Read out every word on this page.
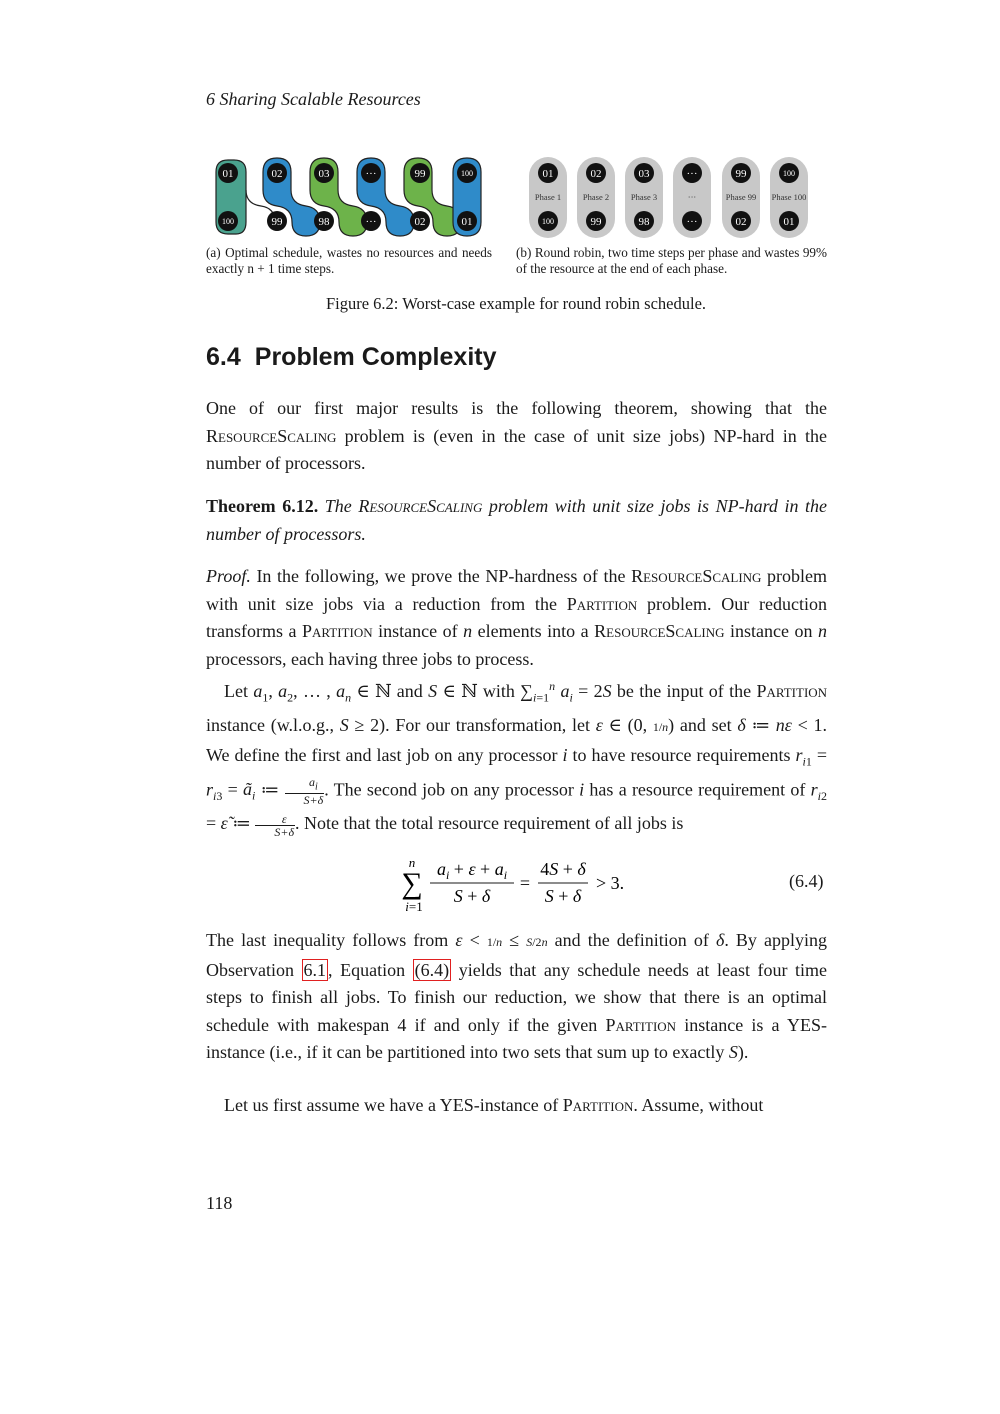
6 Sharing Scalable Resources
01	02	03	···	99	100
100	99	98	···	02	01
01	02	03	···	99	100
Phase 1	Phase 2	Phase 3	···	Phase 99 Phase 100
100	99	98	···	02	01
(a) Optimal schedule, wastes no resources and needs exactly n + 1 time steps.
(b) Round robin, two time steps per phase and wastes 99% of the resource at the end of each phase.
Figure 6.2: Worst-case example for round robin schedule.
6.4 Problem Complexity
One of our first major results is the following theorem, showing that the ResourceScaling problem is (even in the case of unit size jobs) NP-hard in the number of processors.
Theorem 6.12. The ResourceScaling problem with unit size jobs is NP-hard in the number of processors.
Proof. In the following, we prove the NP-hardness of the ResourceScaling problem with unit size jobs via a reduction from the Partition problem. Our reduction transforms a Partition instance of n elements into a ResourceScaling instance on n processors, each having three jobs to process.
Let $a_1$, $a_2$, … , $a_n$ ∈ ℕ and S ∈ ℕ with $\sum_{i=1}^n$ $a_i = 2S$ be the input of the Partition instance (w.l.o.g., S ≥ 2). For our transformation, let ε ∈ (0, 1/n) and set δ ≔ nε < 1. We define the first and last job on any processor i to have resource requirements $r_{i1} = r_{i3}$ = $ã_i$ ≔ $\frac{a_i}{S+\delta}$ . The second job on any processor i has a resource requirement of $r_{i2}$ = ε̃ ≔ $\frac{\varepsilon}{S+\delta}$ . Note that the total resource requirement of all jobs is
n
∑
i=1
$a_i + \varepsilon + a_i$
S + δ
=
4S + δ
S + δ
> 3.	(6.4)
The last inequality follows from ε < 1/n ≤ S/2n and the definition of δ. By applying Observation 6.1 , Equation (6.4) yields that any schedule needs at least four time steps to finish all jobs. To finish our reduction, we show that there is an optimal schedule with makespan 4 if and only if the given Partition instance is a YES-instance (i.e., if it can be partitioned into two sets that sum up to exactly S).
Let us first assume we have a YES-instance of Partition. Assume, without
118
